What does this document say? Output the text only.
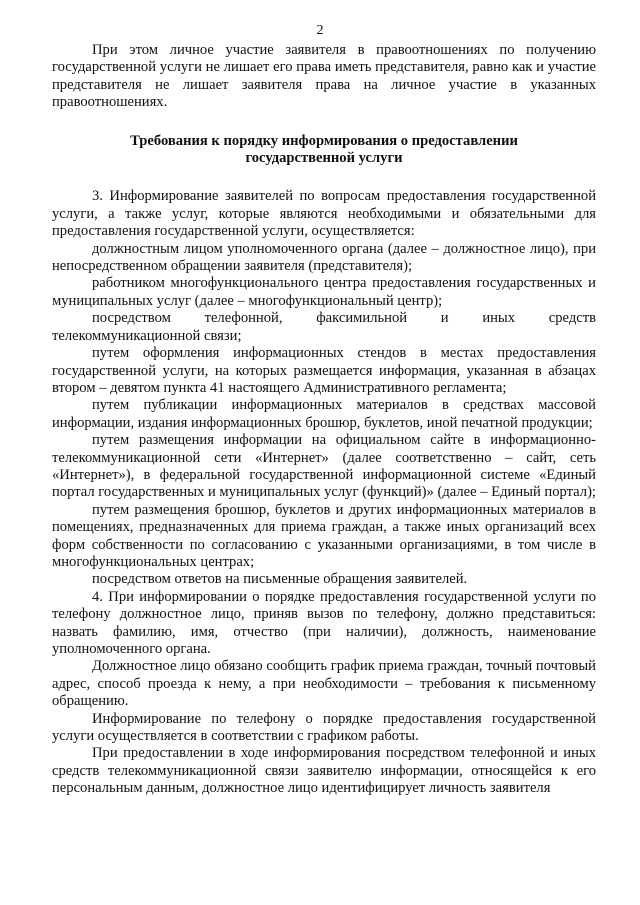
2

При этом личное участие заявителя в правоотношениях по получению государственной услуги не лишает его права иметь представителя, равно как и участие представителя не лишает заявителя права на личное участие в указанных правоотношениях.

Требования к порядку информирования о предоставлении
государственной услуги

3. Информирование заявителей по вопросам предоставления государственной услуги, а также услуг, которые являются необходимыми и обязательными для предоставления государственной услуги, осуществляется:

должностным лицом уполномоченного органа (далее – должностное лицо), при непосредственном обращении заявителя (представителя);

работником многофункционального центра предоставления государственных и муниципальных услуг (далее – многофункциональный центр);

посредством телефонной, факсимильной и иных средств телекоммуникационной связи;

путем оформления информационных стендов в местах предоставления государственной услуги, на которых размещается информация, указанная в абзацах втором – девятом пункта 41 настоящего Административного регламента;

путем публикации информационных материалов в средствах массовой информации, издания информационных брошюр, буклетов, иной печатной продукции;

путем размещения информации на официальном сайте в информационно-телекоммуникационной сети «Интернет» (далее соответственно – сайт, сеть «Интернет»), в федеральной государственной информационной системе «Единый портал государственных и муниципальных услуг (функций)» (далее – Единый портал);

путем размещения брошюр, буклетов и других информационных материалов в помещениях, предназначенных для приема граждан, а также иных организаций всех форм собственности по согласованию с указанными организациями, в том числе в многофункциональных центрах;

посредством ответов на письменные обращения заявителей.

4. При информировании о порядке предоставления государственной услуги по телефону должностное лицо, приняв вызов по телефону, должно представиться: назвать фамилию, имя, отчество (при наличии), должность, наименование уполномоченного органа.

Должностное лицо обязано сообщить график приема граждан, точный почтовый адрес, способ проезда к нему, а при необходимости – требования к письменному обращению.

Информирование по телефону о порядке предоставления государственной услуги осуществляется в соответствии с графиком работы.

При предоставлении в ходе информирования посредством телефонной и иных средств телекоммуникационной связи заявителю информации, относящейся к его персональным данным, должностное лицо идентифицирует личность заявителя
